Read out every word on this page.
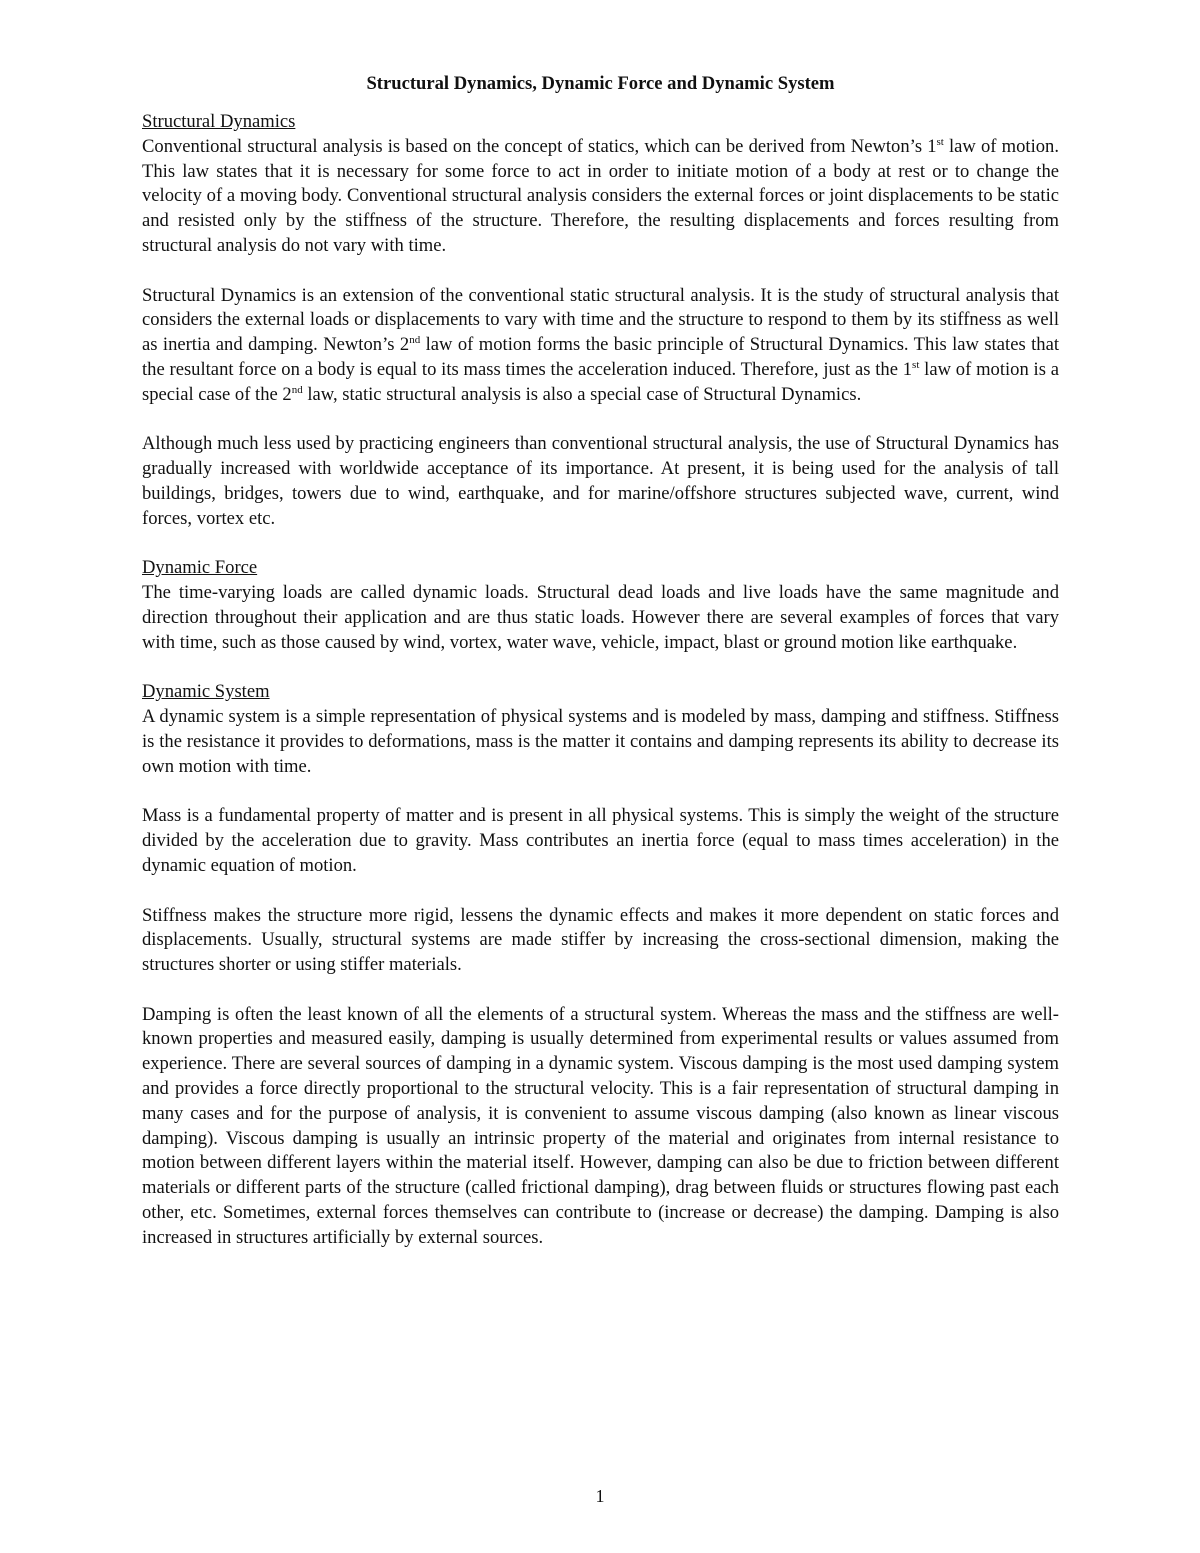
Structural Dynamics, Dynamic Force and Dynamic System
Structural Dynamics

Conventional structural analysis is based on the concept of statics, which can be derived from Newton’s 1st law of motion. This law states that it is necessary for some force to act in order to initiate motion of a body at rest or to change the velocity of a moving body. Conventional structural analysis considers the external forces or joint displacements to be static and resisted only by the stiffness of the structure. Therefore, the resulting displacements and forces resulting from structural analysis do not vary with time.

Structural Dynamics is an extension of the conventional static structural analysis. It is the study of structural analysis that considers the external loads or displacements to vary with time and the structure to respond to them by its stiffness as well as inertia and damping. Newton’s 2nd law of motion forms the basic principle of Structural Dynamics. This law states that the resultant force on a body is equal to its mass times the acceleration induced. Therefore, just as the 1st law of motion is a special case of the 2nd law, static structural analysis is also a special case of Structural Dynamics.

Although much less used by practicing engineers than conventional structural analysis, the use of Structural Dynamics has gradually increased with worldwide acceptance of its importance. At present, it is being used for the analysis of tall buildings, bridges, towers due to wind, earthquake, and for marine/offshore structures subjected wave, current, wind forces, vortex etc.

Dynamic Force

The time-varying loads are called dynamic loads. Structural dead loads and live loads have the same magnitude and direction throughout their application and are thus static loads. However there are several examples of forces that vary with time, such as those caused by wind, vortex, water wave, vehicle, impact, blast or ground motion like earthquake.

Dynamic System

A dynamic system is a simple representation of physical systems and is modeled by mass, damping and stiffness. Stiffness is the resistance it provides to deformations, mass is the matter it contains and damping represents its ability to decrease its own motion with time.

Mass is a fundamental property of matter and is present in all physical systems. This is simply the weight of the structure divided by the acceleration due to gravity. Mass contributes an inertia force (equal to mass times acceleration) in the dynamic equation of motion.

Stiffness makes the structure more rigid, lessens the dynamic effects and makes it more dependent on static forces and displacements. Usually, structural systems are made stiffer by increasing the cross-sectional dimension, making the structures shorter or using stiffer materials.

Damping is often the least known of all the elements of a structural system. Whereas the mass and the stiffness are well-known properties and measured easily, damping is usually determined from experimental results or values assumed from experience. There are several sources of damping in a dynamic system. Viscous damping is the most used damping system and provides a force directly proportional to the structural velocity. This is a fair representation of structural damping in many cases and for the purpose of analysis, it is convenient to assume viscous damping (also known as linear viscous damping). Viscous damping is usually an intrinsic property of the material and originates from internal resistance to motion between different layers within the material itself. However, damping can also be due to friction between different materials or different parts of the structure (called frictional damping), drag between fluids or structures flowing past each other, etc. Sometimes, external forces themselves can contribute to (increase or decrease) the damping. Damping is also increased in structures artificially by external sources.

1
